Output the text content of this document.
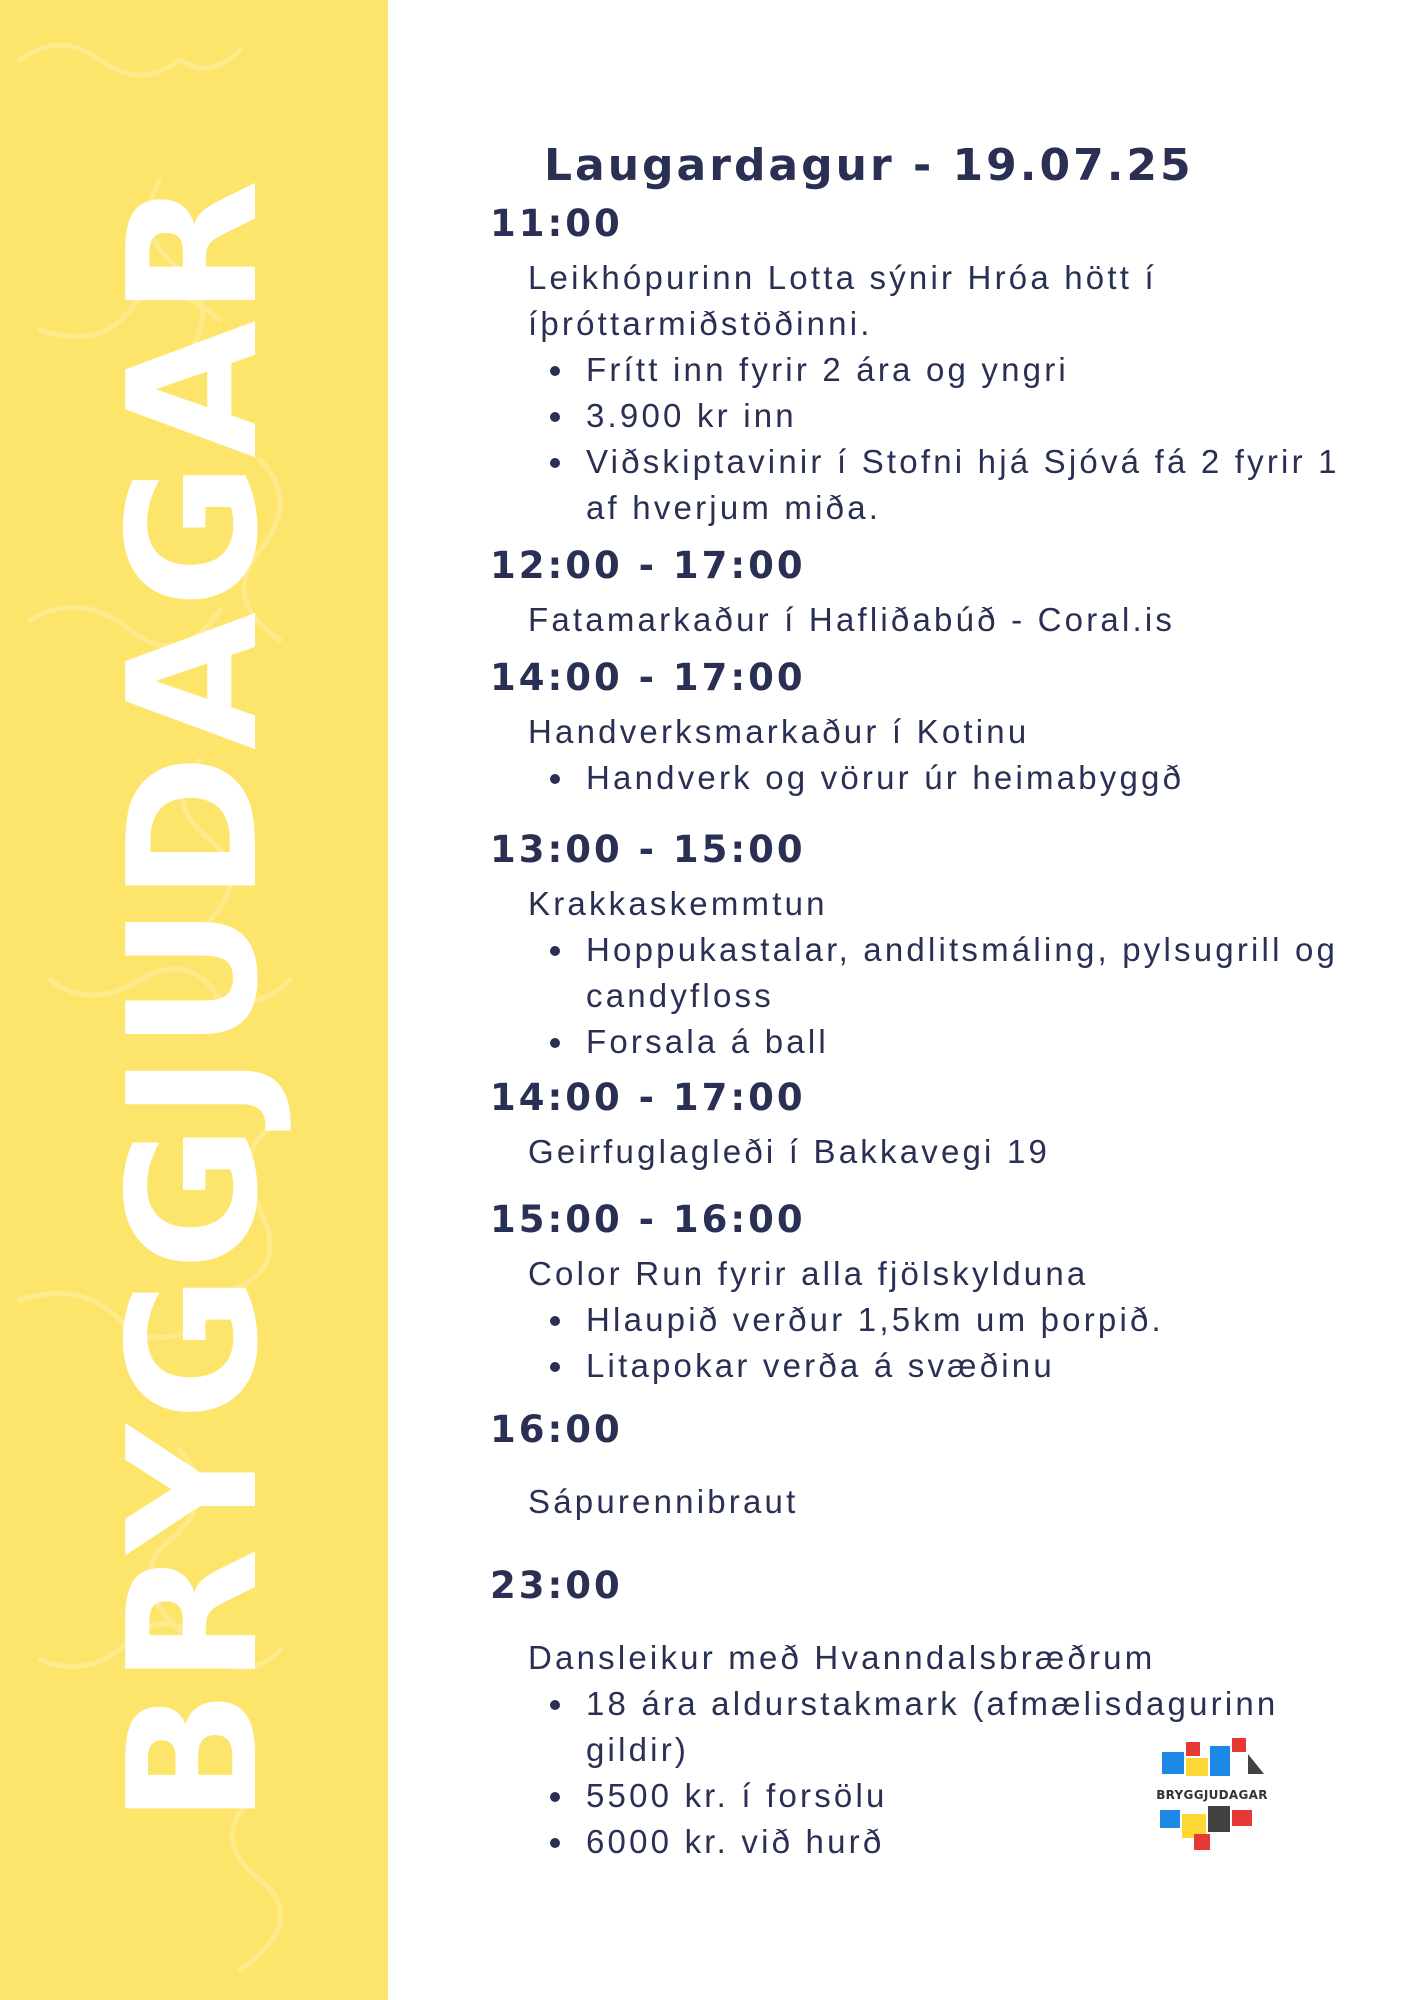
BRYGGJUDAGAR
Laugardagur - 19.07.25
11:00
Leikhópurinn Lotta sýnir Hróa hött í íþróttarmiðstöðinni.
Frítt inn fyrir 2 ára og yngri
3.900 kr inn
Viðskiptavinir í Stofni hjá Sjóvá fá 2 fyrir 1 af hverjum miða.
12:00 - 17:00
Fatamarkaður í Hafliðabúð - Coral.is
14:00 - 17:00
Handverksmarkaður í Kotinu
Handverk og vörur úr heimabyggð
13:00 - 15:00
Krakkaskemmtun
Hoppukastalar, andlitsmáling, pylsugrill og candyfloss
Forsala á ball
14:00 - 17:00
Geirfuglagleði í Bakkavegi 19
15:00 - 16:00
Color Run fyrir alla fjölskylduna
Hlaupið verður 1,5km um þorpið.
Litapokar verða á svæðinu
16:00
Sápurennibraut
23:00
Dansleikur með Hvanndalsbræðrum
18 ára aldurstakmark (afmælisdagurinn gildir)
5500 kr. í forsölu
6000 kr. við hurð
BRYGGJUDAGAR
